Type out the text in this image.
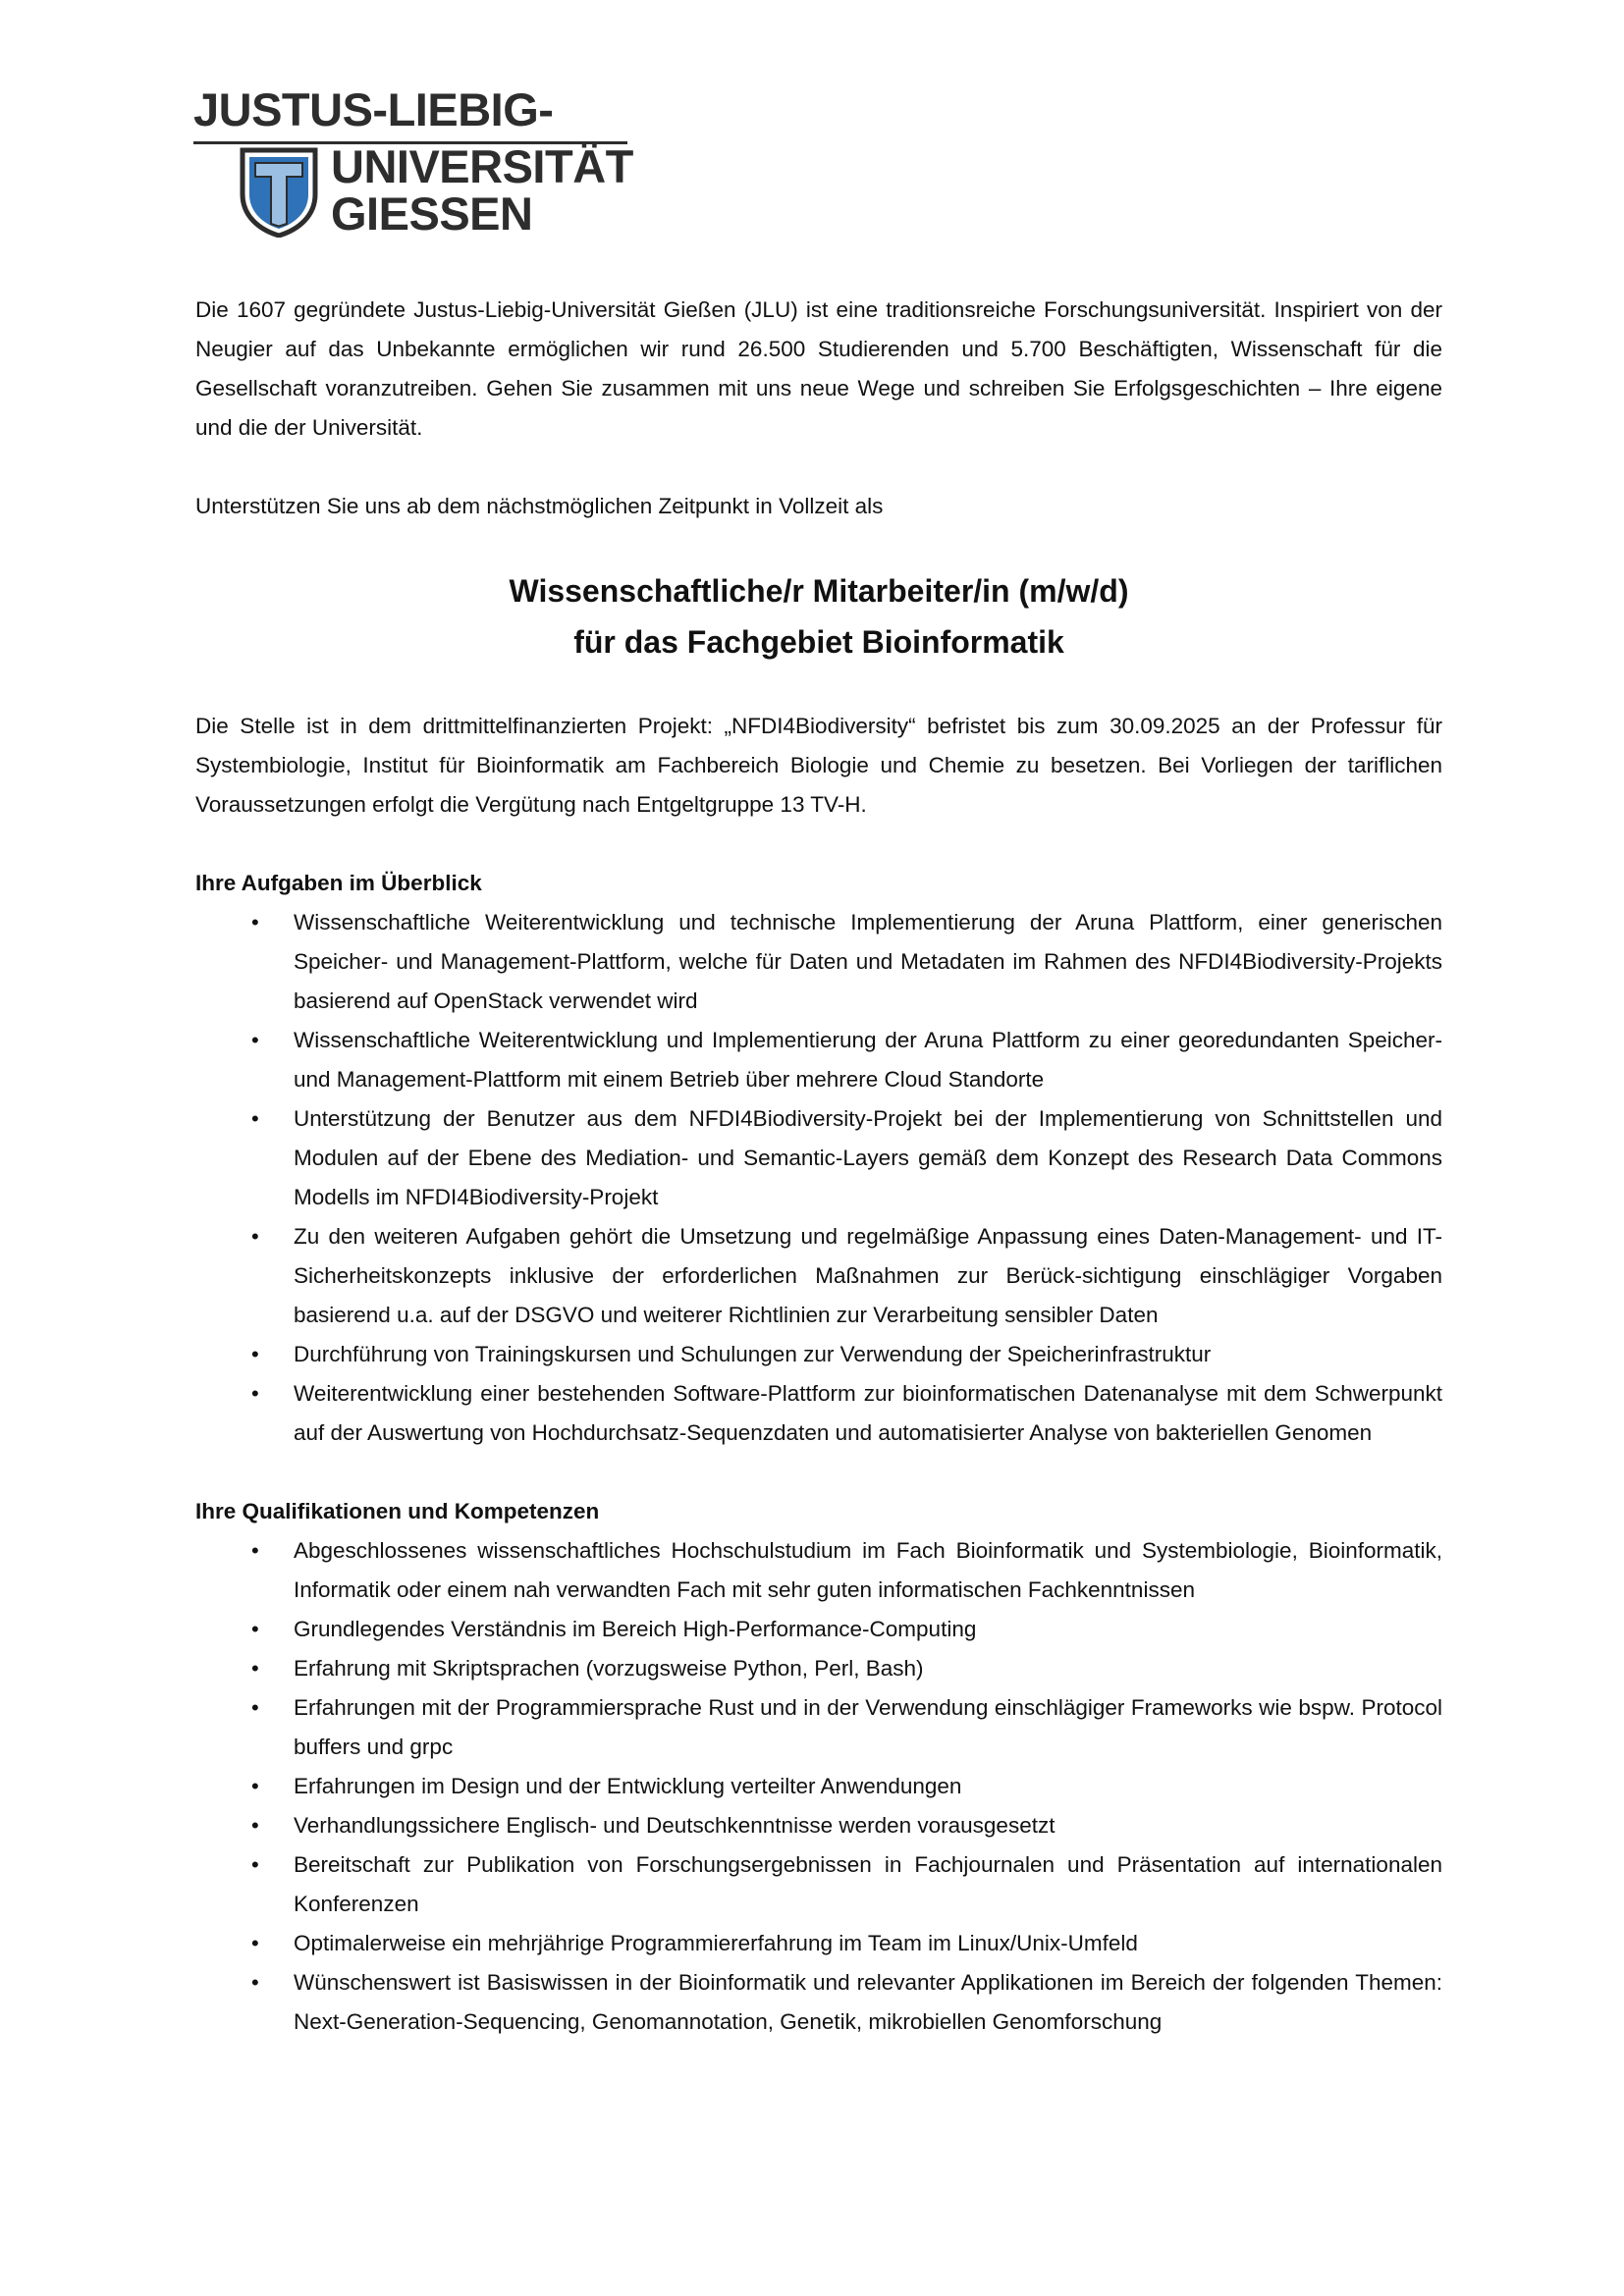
JUSTUS-LIEBIG-
UNIVERSITÄT
GIESSEN

Die 1607 gegründete Justus-Liebig-Universität Gießen (JLU) ist eine traditionsreiche Forschungsuniversität. Inspiriert von der Neugier auf das Unbekannte ermöglichen wir rund 26.500 Studierenden und 5.700 Beschäftigten, Wissenschaft für die Gesellschaft voranzutreiben. Gehen Sie zusammen mit uns neue Wege und schreiben Sie Erfolgsgeschichten – Ihre eigene und die der Universität.

Unterstützen Sie uns ab dem nächstmöglichen Zeitpunkt in Vollzeit als

Wissenschaftliche/r Mitarbeiter/in (m/w/d)
für das Fachgebiet Bioinformatik

Die Stelle ist in dem drittmittelfinanzierten Projekt: „NFDI4Biodiversity“ befristet bis zum 30.09.2025 an der Professur für Systembiologie, Institut für Bioinformatik am Fachbereich Biologie und Chemie zu besetzen. Bei Vorliegen der tariflichen Voraussetzungen erfolgt die Vergütung nach Entgeltgruppe 13 TV-H.

Ihre Aufgaben im Überblick
• Wissenschaftliche Weiterentwicklung und technische Implementierung der Aruna Plattform, einer generischen Speicher- und Management-Plattform, welche für Daten und Metadaten im Rahmen des NFDI4Biodiversity-Projekts basierend auf OpenStack verwendet wird
• Wissenschaftliche Weiterentwicklung und Implementierung der Aruna Plattform zu einer georedundanten Speicher- und Management-Plattform mit einem Betrieb über mehrere Cloud Standorte
• Unterstützung der Benutzer aus dem NFDI4Biodiversity-Projekt bei der Implementierung von Schnittstellen und Modulen auf der Ebene des Mediation- und Semantic-Layers gemäß dem Konzept des Research Data Commons Modells im NFDI4Biodiversity-Projekt
• Zu den weiteren Aufgaben gehört die Umsetzung und regelmäßige Anpassung eines Daten-Management- und IT-Sicherheitskonzepts inklusive der erforderlichen Maßnahmen zur Berück-sichtigung einschlägiger Vorgaben basierend u.a. auf der DSGVO und weiterer Richtlinien zur Verarbeitung sensibler Daten
• Durchführung von Trainingskursen und Schulungen zur Verwendung der Speicherinfrastruktur
• Weiterentwicklung einer bestehenden Software-Plattform zur bioinformatischen Datenanalyse mit dem Schwerpunkt auf der Auswertung von Hochdurchsatz-Sequenzdaten und automatisierter Analyse von bakteriellen Genomen
Ihre Qualifikationen und Kompetenzen
• Abgeschlossenes wissenschaftliches Hochschulstudium im Fach Bioinformatik und Systembiologie, Bioinformatik, Informatik oder einem nah verwandten Fach mit sehr guten informatischen Fachkenntnissen
• Grundlegendes Verständnis im Bereich High-Performance-Computing
• Erfahrung mit Skriptsprachen (vorzugsweise Python, Perl, Bash)
• Erfahrungen mit der Programmiersprache Rust und in der Verwendung einschlägiger Frameworks wie bspw. Protocol buffers und grpc
• Erfahrungen im Design und der Entwicklung verteilter Anwendungen
• Verhandlungssichere Englisch- und Deutschkenntnisse werden vorausgesetzt
• Bereitschaft zur Publikation von Forschungsergebnissen in Fachjournalen und Präsentation auf internationalen Konferenzen
• Optimalerweise ein mehrjährige Programmiererfahrung im Team im Linux/Unix-Umfeld
• Wünschenswert ist Basiswissen in der Bioinformatik und relevanter Applikationen im Bereich der folgenden Themen: Next-Generation-Sequencing, Genomannotation, Genetik, mikrobiellen Genomforschung
